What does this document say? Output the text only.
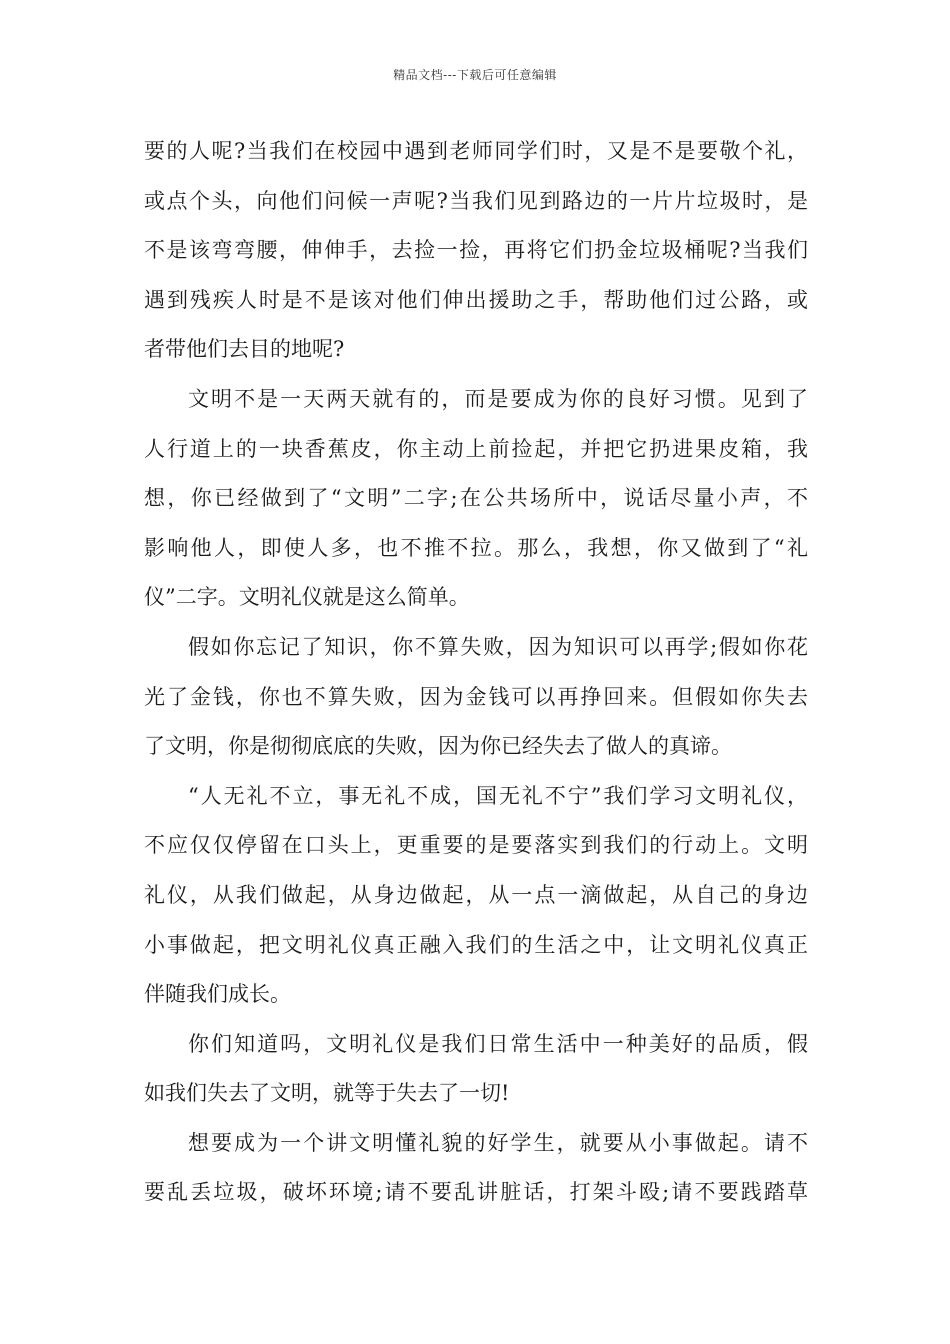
精品文档---下载后可任意编辑
要的人呢?当我们在校园中遇到老师同学们时，又是不是要敬个礼，
或点个头，向他们问候一声呢?当我们见到路边的一片片垃圾时，是
不是该弯弯腰，伸伸手，去捡一捡，再将它们扔金垃圾桶呢?当我们
遇到残疾人时是不是该对他们伸出援助之手，帮助他们过公路，或
者带他们去目的地呢?
文明不是一天两天就有的，而是要成为你的良好习惯。见到了
人行道上的一块香蕉皮，你主动上前捡起，并把它扔进果皮箱，我
想，你已经做到了“文明”二字;在公共场所中，说话尽量小声，不
影响他人，即使人多，也不推不拉。那么，我想，你又做到了“礼
仪”二字。文明礼仪就是这么简单。
假如你忘记了知识，你不算失败，因为知识可以再学;假如你花
光了金钱，你也不算失败，因为金钱可以再挣回来。但假如你失去
了文明，你是彻彻底底的失败，因为你已经失去了做人的真谛。
“人无礼不立，事无礼不成，国无礼不宁”我们学习文明礼仪，
不应仅仅停留在口头上，更重要的是要落实到我们的行动上。文明
礼仪，从我们做起，从身边做起，从一点一滴做起，从自己的身边
小事做起，把文明礼仪真正融入我们的生活之中，让文明礼仪真正
伴随我们成长。
你们知道吗，文明礼仪是我们日常生活中一种美好的品质，假
如我们失去了文明，就等于失去了一切!
想要成为一个讲文明懂礼貌的好学生，就要从小事做起。请不
要乱丢垃圾，破坏环境;请不要乱讲脏话，打架斗殴;请不要践踏草
